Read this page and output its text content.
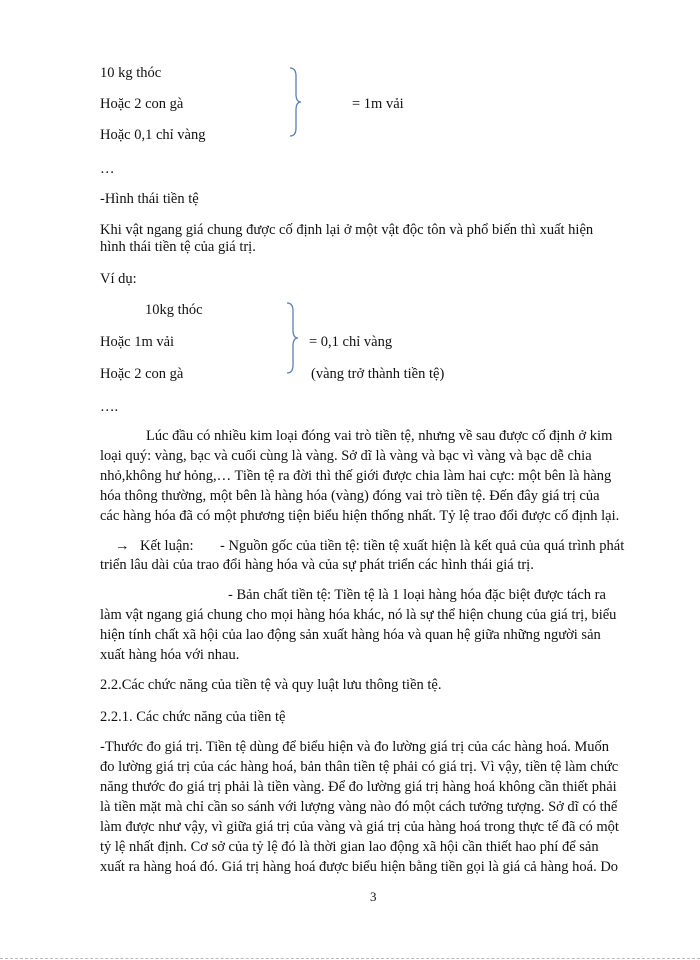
10 kg thóc
Hoặc 2 con gà
Hoặc 0,1 chỉ vàng
= 1m vải
…
-Hình thái tiền tệ
Khi vật ngang giá chung được cố định lại ở một vật độc tôn và phổ biến thì xuất hiện
hình thái tiền tệ của giá trị.
Ví dụ:
10kg thóc
Hoặc 1m vải
Hoặc 2 con gà
= 0,1 chỉ vàng
(vàng trở thành tiền tệ)
….
Lúc đầu có nhiều kim loại đóng vai trò tiền tệ, nhưng về sau được cố định ở kim
loại quý: vàng, bạc và cuối cùng là vàng. Sở dĩ là vàng và bạc vì vàng và bạc dễ chia
nhỏ,không hư hỏng,… Tiền tệ ra đời thì thế giới được chia làm hai cực: một bên là hàng
hóa thông thường, một bên là hàng hóa (vàng) đóng vai trò tiền tệ. Đến đây giá trị của
các hàng hóa đã có một phương tiện biểu hiện thống nhất. Tỷ lệ trao đổi được cố định lại.
→ Kết luận: - Nguồn gốc của tiền tệ: tiền tệ xuất hiện là kết quả của quá trình phát
triển lâu dài của trao đổi hàng hóa và của sự phát triển các hình thái giá trị.
- Bản chất tiền tệ: Tiền tệ là 1 loại hàng hóa đặc biệt được tách ra
làm vật ngang giá chung cho mọi hàng hóa khác, nó là sự thể hiện chung của giá trị, biểu
hiện tính chất xã hội của lao động sản xuất hàng hóa và quan hệ giữa những người sản
xuất hàng hóa với nhau.
2.2.Các chức năng của tiền tệ và quy luật lưu thông tiền tệ.
2.2.1. Các chức năng của tiền tệ
-Thước đo giá trị. Tiền tệ dùng để biểu hiện và đo lường giá trị của các hàng hoá. Muốn
đo lường giá trị của các hàng hoá, bản thân tiền tệ phải có giá trị. Vì vậy, tiền tệ làm chức
năng thước đo giá trị phải là tiền vàng. Để đo lường giá trị hàng hoá không cần thiết phải
là tiền mặt mà chỉ cần so sánh với lượng vàng nào đó một cách tưởng tượng. Sở dĩ có thể
làm được như vậy, vì giữa giá trị của vàng và giá trị của hàng hoá trong thực tế đã có một
tỷ lệ nhất định. Cơ sở của tỷ lệ đó là thời gian lao động xã hội cần thiết hao phí để sản
xuất ra hàng hoá đó. Giá trị hàng hoá được biểu hiện bằng tiền gọi là giá cả hàng hoá. Do
3
